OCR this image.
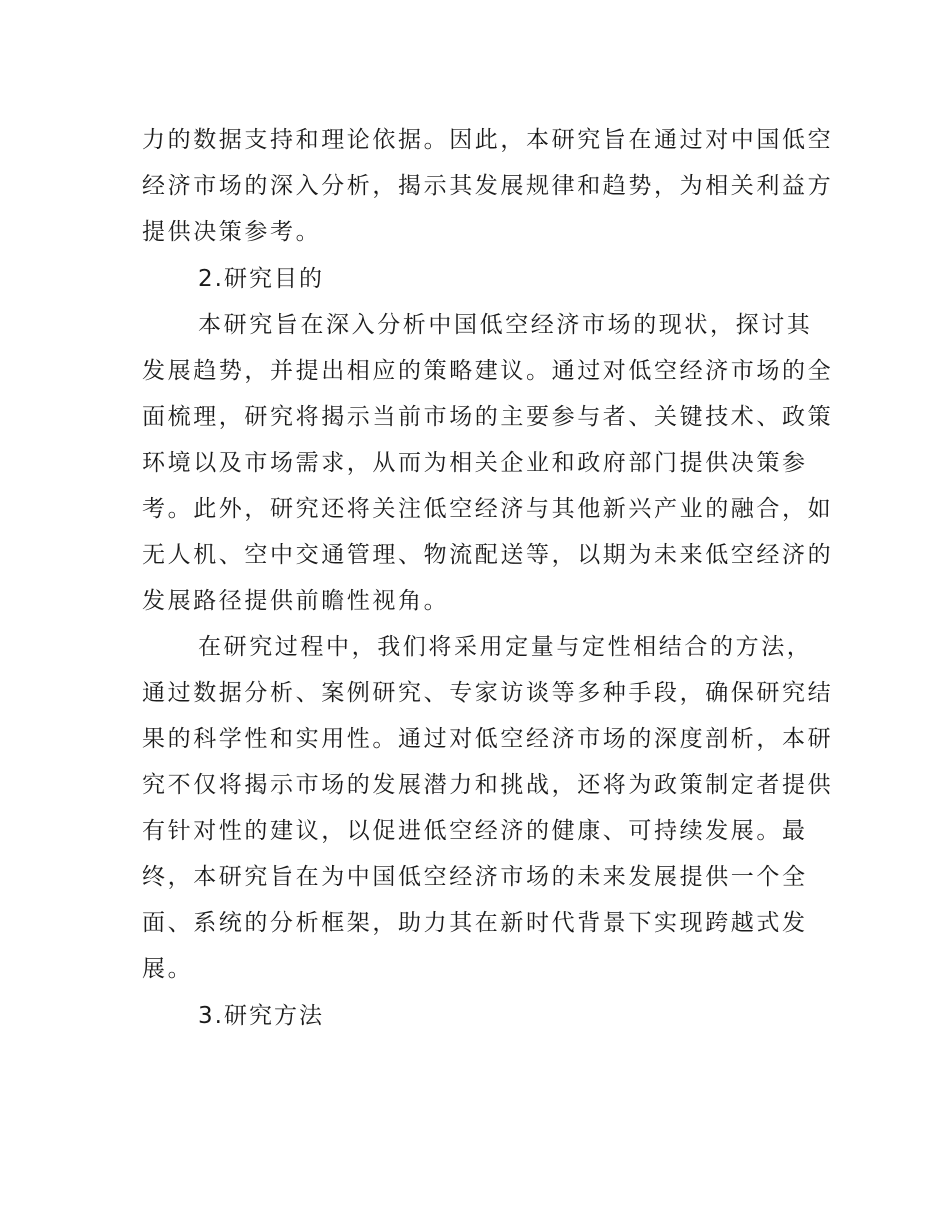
力的数据支持和理论依据。因此，本研究旨在通过对中国低空
经济市场的深入分析，揭示其发展规律和趋势，为相关利益方
提供决策参考。
2.研究目的
本研究旨在深入分析中国低空经济市场的现状，探讨其
发展趋势，并提出相应的策略建议。通过对低空经济市场的全
面梳理，研究将揭示当前市场的主要参与者、关键技术、政策
环境以及市场需求，从而为相关企业和政府部门提供决策参
考。此外，研究还将关注低空经济与其他新兴产业的融合，如
无人机、空中交通管理、物流配送等，以期为未来低空经济的
发展路径提供前瞻性视角。
在研究过程中，我们将采用定量与定性相结合的方法，
通过数据分析、案例研究、专家访谈等多种手段，确保研究结
果的科学性和实用性。通过对低空经济市场的深度剖析，本研
究不仅将揭示市场的发展潜力和挑战，还将为政策制定者提供
有针对性的建议，以促进低空经济的健康、可持续发展。最
终，本研究旨在为中国低空经济市场的未来发展提供一个全
面、系统的分析框架，助力其在新时代背景下实现跨越式发
展。
3.研究方法
